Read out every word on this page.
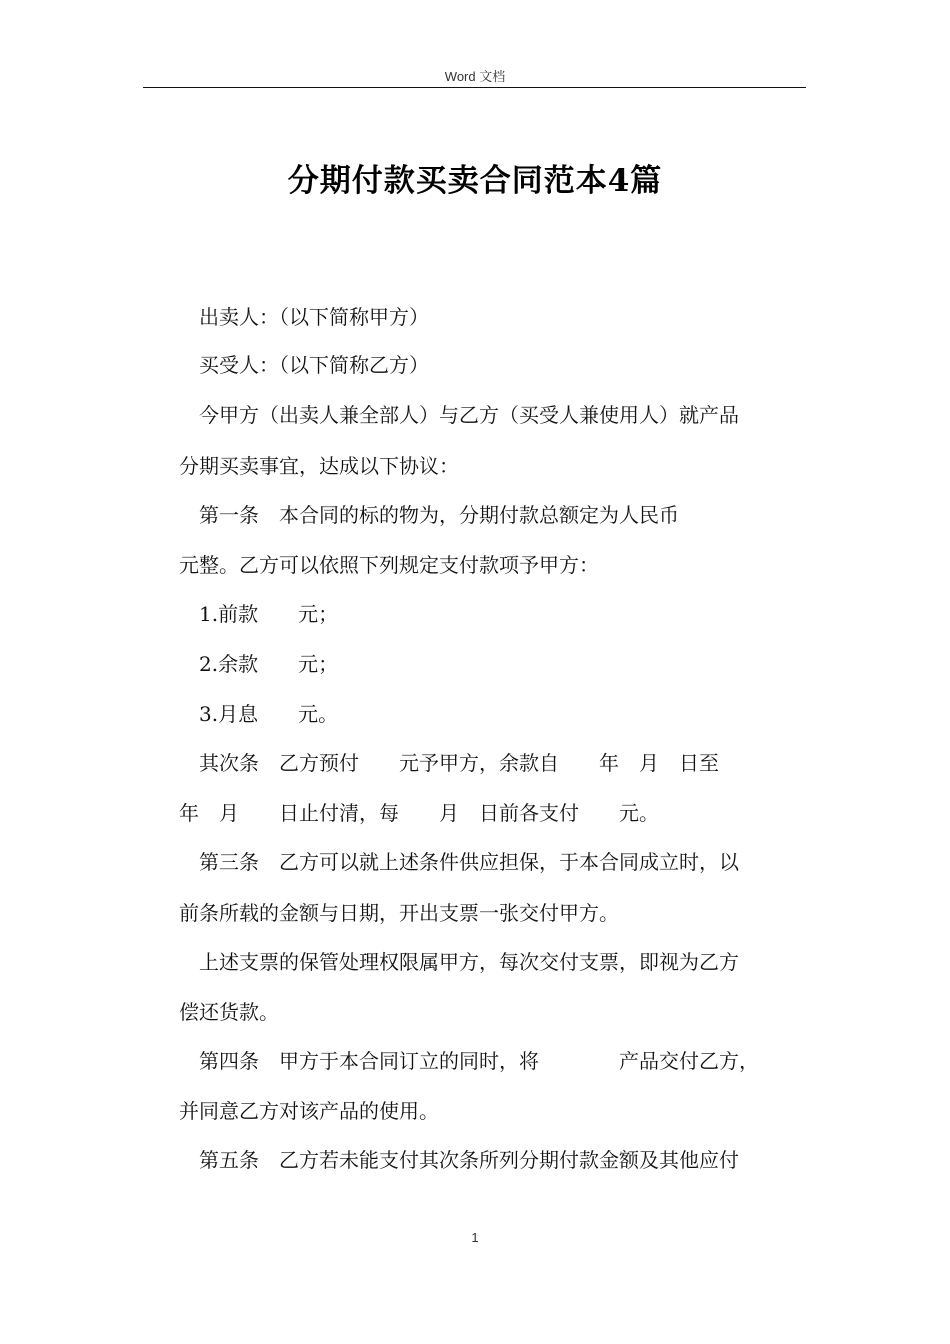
Word 文档
分期付款买卖合同范本4篇
出卖人：（以下简称甲方）
买受人：（以下简称乙方）
今甲方（出卖人兼全部人）与乙方（买受人兼使用人）就产品
分期买卖事宜，达成以下协议：
第一条　本合同的标的物为，分期付款总额定为人民币
元整。乙方可以依照下列规定支付款项予甲方：
1.前款　　元；
2.余款　　元；
3.月息　　元。
其次条　乙方预付　　元予甲方，余款自　　年　月　日至
年　月　　日止付清，每　　月　日前各支付　　元。
第三条　乙方可以就上述条件供应担保，于本合同成立时，以
前条所载的金额与日期，开出支票一张交付甲方。
上述支票的保管处理权限属甲方，每次交付支票，即视为乙方
偿还货款。
第四条　甲方于本合同订立的同时，将　　　　产品交付乙方，
并同意乙方对该产品的使用。
第五条　乙方若未能支付其次条所列分期付款金额及其他应付
1
